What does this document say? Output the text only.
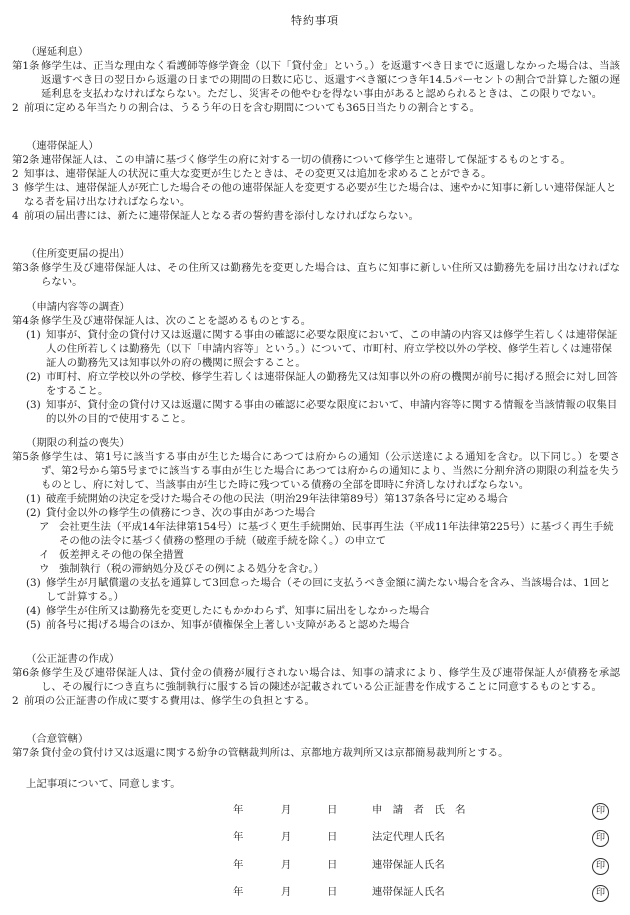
特約事項
（遅延利息）
第1条 修学生は、正当な理由なく看護師等修学資金（以下「貸付金」という。）を返還すべき日までに返還しなかった場合は、当該返還すべき日の翌日から返還の日までの期間の日数に応じ、返還すべき額につき年14.5パーセントの割合で計算した額の遅延利息を支払わなければならない。ただし、災害その他やむを得ない事由があると認められるときは、この限りでない。
2 前項に定める年当たりの割合は、うるう年の日を含む期間についても365日当たりの割合とする。
（連帯保証人）
第2条 連帯保証人は、この申請に基づく修学生の府に対する一切の債務について修学生と連帯して保証するものとする。
2 知事は、連帯保証人の状況に重大な変更が生じたときは、その変更又は追加を求めることができる。
3 修学生は、連帯保証人が死亡した場合その他の連帯保証人を変更する必要が生じた場合は、速やかに知事に新しい連帯保証人となる者を届け出なければならない。
4 前項の届出書には、新たに連帯保証人となる者の誓約書を添付しなければならない。
（住所変更届の提出）
第3条 修学生及び連帯保証人は、その住所又は勤務先を変更した場合は、直ちに知事に新しい住所又は勤務先を届け出なければならない。
（申請内容等の調査）
第4条 修学生及び連帯保証人は、次のことを認めるものとする。
(1) 知事が、貸付金の貸付け又は返還に関する事由の確認に必要な限度において、この申請の内容又は修学生若しくは連帯保証人の住所若しくは勤務先（以下「申請内容等」という。）について、市町村、府立学校以外の学校、修学生若しくは連帯保証人の勤務先又は知事以外の府の機関に照会すること。
(2) 市町村、府立学校以外の学校、修学生若しくは連帯保証人の勤務先又は知事以外の府の機関が前号に掲げる照会に対し回答をすること。
(3) 知事が、貸付金の貸付け又は返還に関する事由の確認に必要な限度において、申請内容等に関する情報を当該情報の収集目的以外の目的で使用すること。
（期限の利益の喪失）
第5条 修学生は、第1号に該当する事由が生じた場合にあつては府からの通知（公示送達による通知を含む。以下同じ。）を要さず、第2号から第5号までに該当する事由が生じた場合にあつては府からの通知により、当然に分割弁済の期限の利益を失うものとし、府に対して、当該事由が生じた時に残つている債務の全部を即時に弁済しなければならない。
(1) 破産手続開始の決定を受けた場合その他の民法（明治29年法律第89号）第137条各号に定める場合
(2) 貸付金以外の修学生の債務につき、次の事由があつた場合
ア 会社更生法（平成14年法律第154号）に基づく更生手続開始、民事再生法（平成11年法律第225号）に基づく再生手続その他の法令に基づく債務の整理の手続（破産手続を除く。）の申立て
イ 仮差押えその他の保全措置
ウ 強制執行（税の滞納処分及びその例による処分を含む。）
(3) 修学生が月賦償還の支払を通算して3回怠った場合（その回に支払うべき金額に満たない場合を含み、当該場合は、1回として計算する。）
(4) 修学生が住所又は勤務先を変更したにもかかわらず、知事に届出をしなかった場合
(5) 前各号に掲げる場合のほか、知事が債権保全上著しい支障があると認めた場合
（公正証書の作成）
第6条 修学生及び連帯保証人は、貸付金の債務が履行されない場合は、知事の請求により、修学生及び連帯保証人が債務を承認し、その履行につき直ちに強制執行に服する旨の陳述が記載されている公正証書を作成することに同意するものとする。
2 前項の公正証書の作成に要する費用は、修学生の負担とする。
（合意管轄）
第7条 貸付金の貸付け又は返還に関する紛争の管轄裁判所は、京都地方裁判所又は京都簡易裁判所とする。
上記事項について、同意します。
年	月	日	申　請　者　氏　名	印
年	月	日	法定代理人氏名	印
年	月	日	連帯保証人氏名	印
年	月	日	連帯保証人氏名	印
